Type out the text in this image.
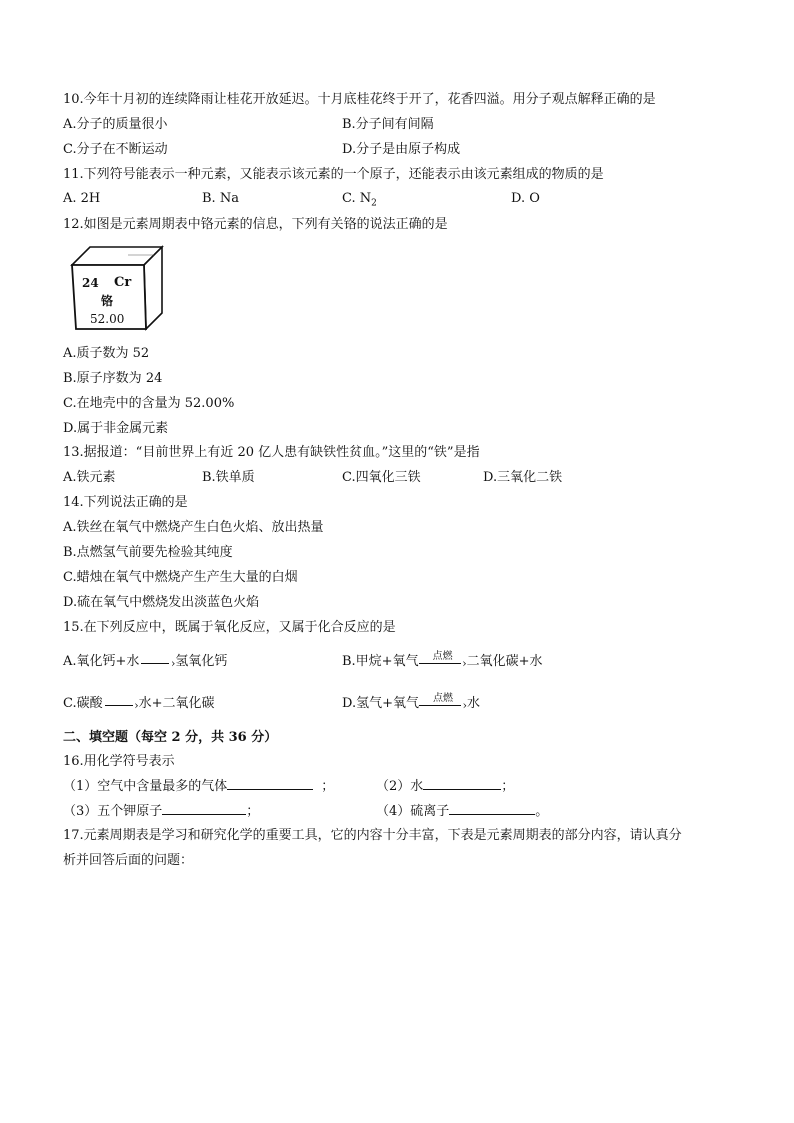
10.今年十月初的连续降雨让桂花开放延迟。十月底桂花终于开了，花香四溢。用分子观点解释正确的是
A.分子的质量很小	B.分子间有间隔
C.分子在不断运动	D.分子是由原子构成
11.下列符号能表示一种元素，又能表示该元素的一个原子，还能表示由该元素组成的物质的是
A. 2H	B. Na	C. $N_2$	D. O
12.如图是元素周期表中铬元素的信息，下列有关铬的说法正确的是
24 Cr
铬
52.00
A.质子数为 52
B.原子序数为 24
C.在地壳中的含量为 52.00%
D.属于非金属元素
13.据报道：“目前世界上有近 20 亿人患有缺铁性贫血。”这里的“铁”是指
A.铁元素	B.铁单质	C.四氧化三铁	D.三氧化二铁
14.下列说法正确的是
A.铁丝在氧气中燃烧产生白色火焰、放出热量
B.点燃氢气前要先检验其纯度
C.蜡烛在氧气中燃烧产生产生大量的白烟
D.硫在氧气中燃烧发出淡蓝色火焰
15.在下列反应中，既属于氧化反应，又属于化合反应的是
A.氧化钙+水	› 氢氧化钙	B.甲烷+氧气	点燃
› 二氧化碳+水
C.碳酸	› 水+二氧化碳	D.氢气+氧气	点燃
› 水
二、填空题（每空 2 分，共 36 分）
16.用化学符号表示
（1）空气中含量最多的气体	；	（2）水	；
（3）五个钾原子	；	（4）硫离子	。
17.元素周期表是学习和研究化学的重要工具，它的内容十分丰富，下表是元素周期表的部分内容，请认真分
析并回答后面的问题：
